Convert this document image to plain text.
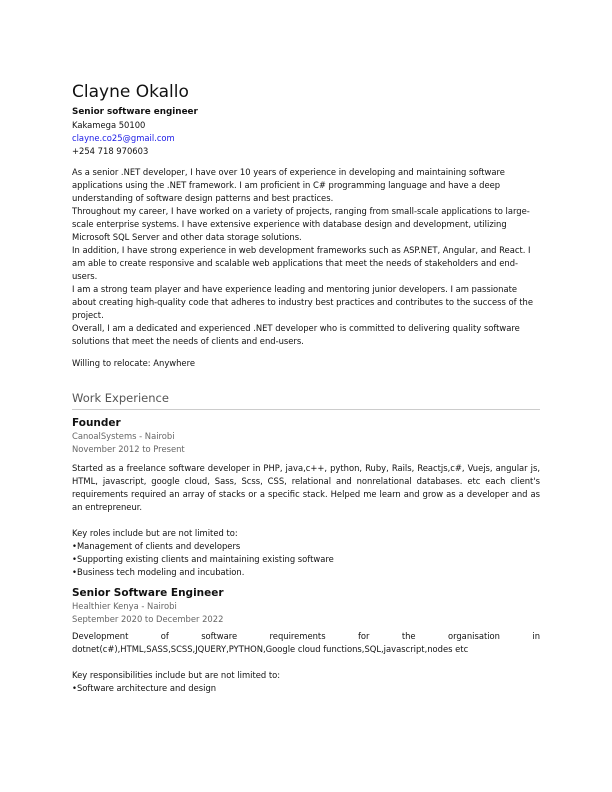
Clayne Okallo
Senior software engineer
Kakamega 50100
clayne.co25@gmail.com
+254 718 970603

As a senior .NET developer, I have over 10 years of experience in developing and maintaining software applications using the .NET framework. I am proficient in C# programming language and have a deep understanding of software design patterns and best practices.

Throughout my career, I have worked on a variety of projects, ranging from small-scale applications to large-scale enterprise systems. I have extensive experience with database design and development, utilizing Microsoft SQL Server and other data storage solutions.

In addition, I have strong experience in web development frameworks such as ASP.NET, Angular, and React. I am able to create responsive and scalable web applications that meet the needs of stakeholders and end-users.

I am a strong team player and have experience leading and mentoring junior developers. I am passionate about creating high-quality code that adheres to industry best practices and contributes to the success of the project.

Overall, I am a dedicated and experienced .NET developer who is committed to delivering quality software solutions that meet the needs of clients and end-users.

Willing to relocate: Anywhere
Work Experience
Founder
CanoalSystems - Nairobi
November 2012 to Present
Started as a freelance software developer in PHP, java,c++, python, Ruby, Rails, Reactjs,c#, Vuejs, angular js, HTML, javascript, google cloud, Sass, Scss, CSS, relational and nonrelational databases. etc each client's requirements required an array of stacks or a specific stack. Helped me learn and grow as a developer and as an entrepreneur.
Key roles include but are not limited to:
• Management of clients and developers
• Supporting existing clients and maintaining existing software
• Business tech modeling and incubation.
Senior Software Engineer
Healthier Kenya - Nairobi
September 2020 to December 2022
Development of software requirements for the organisation in dotnet(c#),HTML,SASS,SCSS,JQUERY,PYTHON,Google cloud functions,SQL,javascript,nodes etc
Key responsibilities include but are not limited to:
• Software architecture and design
